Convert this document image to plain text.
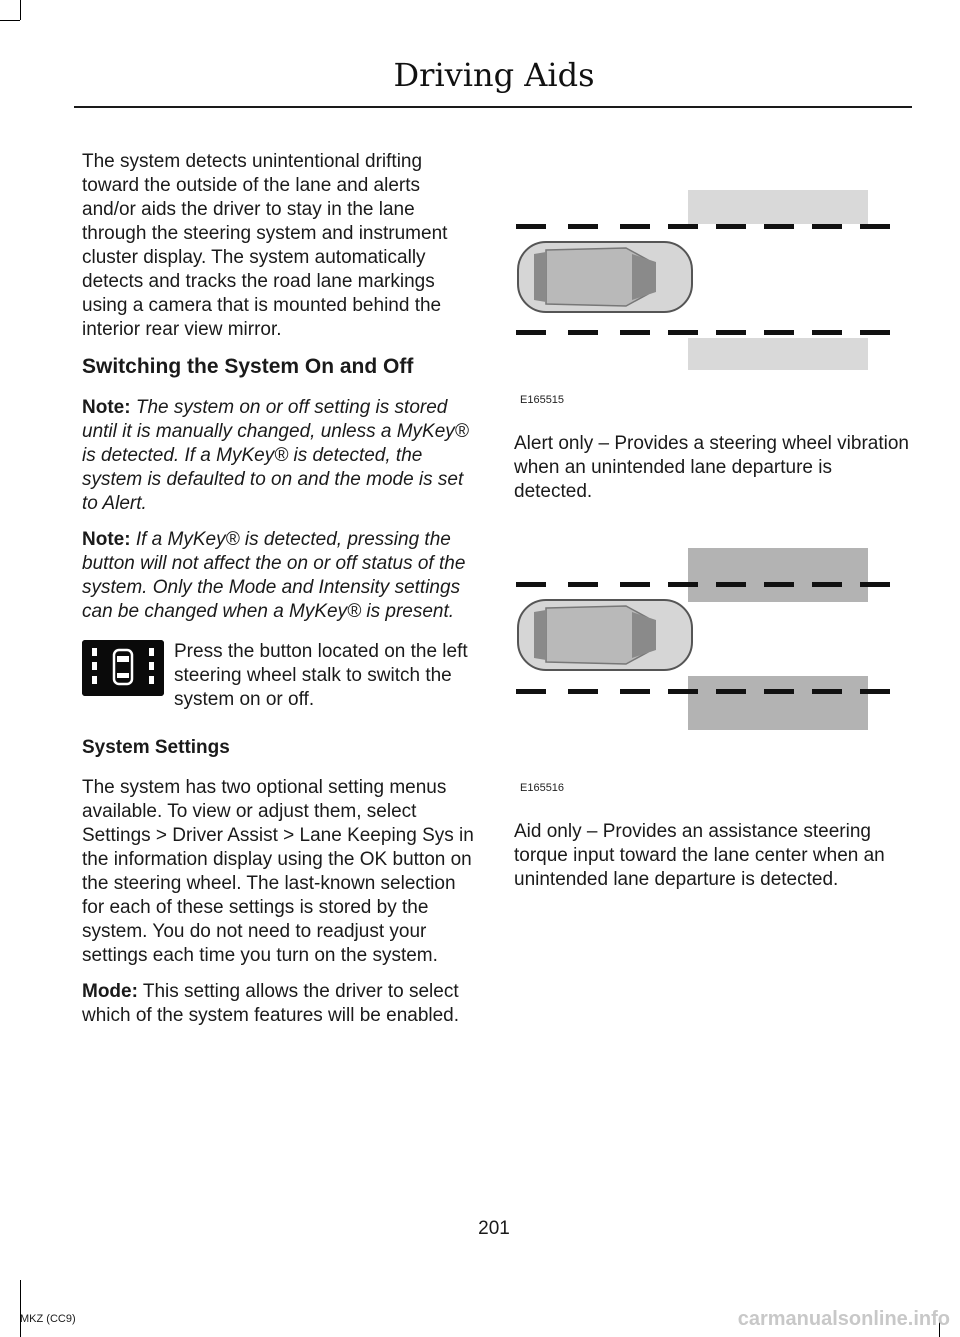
Driving Aids

The system detects unintentional drifting toward the outside of the lane and alerts and/or aids the driver to stay in the lane through the steering system and instrument cluster display. The system automatically detects and tracks the road lane markings using a camera that is mounted behind the interior rear view mirror.

Switching the System On and Off

Note: The system on or off setting is stored until it is manually changed, unless a MyKey® is detected. If a MyKey® is detected, the system is defaulted to on and the mode is set to Alert.

Note: If a MyKey® is detected, pressing the button will not affect the on or off status of the system. Only the Mode and Intensity settings can be changed when a MyKey® is present.

Press the button located on the left steering wheel stalk to switch the system on or off.

System Settings

The system has two optional setting menus available. To view or adjust them, select Settings > Driver Assist > Lane Keeping Sys in the information display using the OK button on the steering wheel. The last-known selection for each of these settings is stored by the system. You do not need to readjust your settings each time you turn on the system.

Mode: This setting allows the driver to select which of the system features will be enabled.

E165515

Alert only – Provides a steering wheel vibration when an unintended lane departure is detected.

E165516

Aid only – Provides an assistance steering torque input toward the lane center when an unintended lane departure is detected.

201
MKZ (CC9)	carmanualsonline.info
